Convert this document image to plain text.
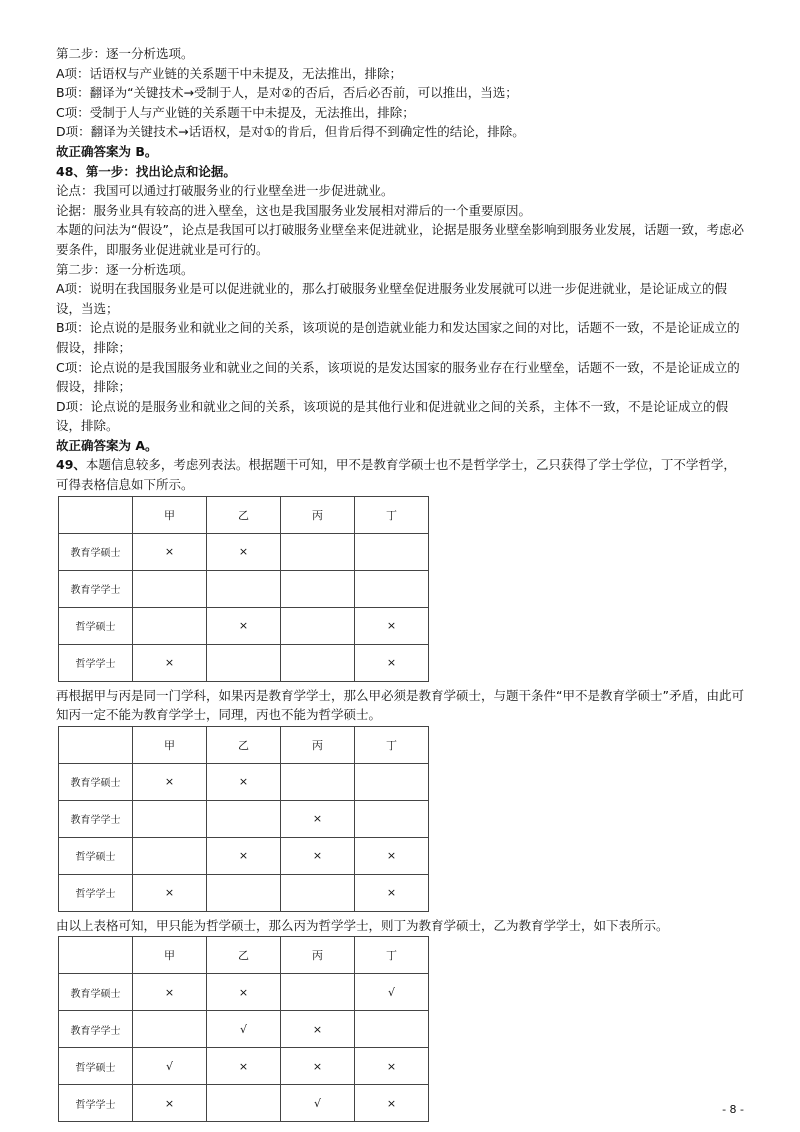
第二步：逐一分析选项。
A项：话语权与产业链的关系题干中未提及，无法推出，排除；
B项：翻译为“关键技术→受制于人，是对②的否后，否后必否前，可以推出，当选；
C项：受制于人与产业链的关系题干中未提及，无法推出，排除；
D项：翻译为关键技术→话语权，是对①的肯后，但肯后得不到确定性的结论，排除。
故正确答案为 B。
48、第一步：找出论点和论据。
论点：我国可以通过打破服务业的行业壁垒进一步促进就业。
论据：服务业具有较高的进入壁垒，这也是我国服务业发展相对滞后的一个重要原因。
本题的问法为“假设”，论点是我国可以打破服务业壁垒来促进就业，论据是服务业壁垒影响到服务业发展，话题一致，考虑必要条件，即服务业促进就业是可行的。
第二步：逐一分析选项。
A项：说明在我国服务业是可以促进就业的，那么打破服务业壁垒促进服务业发展就可以进一步促进就业，是论证成立的假设，当选；
B项：论点说的是服务业和就业之间的关系，该项说的是创造就业能力和发达国家之间的对比，话题不一致，不是论证成立的假设，排除；
C项：论点说的是我国服务业和就业之间的关系，该项说的是发达国家的服务业存在行业壁垒，话题不一致，不是论证成立的假设，排除；
D项：论点说的是服务业和就业之间的关系，该项说的是其他行业和促进就业之间的关系，主体不一致，不是论证成立的假设，排除。
故正确答案为 A。
49、本题信息较多，考虑列表法。根据题干可知，甲不是教育学硕士也不是哲学学士，乙只获得了学士学位，丁不学哲学，可得表格信息如下所示。
	甲	乙	丙	丁
教育学硕士	×	×		
教育学学士				
哲学硕士		×		×
哲学学士	×			×
再根据甲与丙是同一门学科，如果丙是教育学学士，那么甲必须是教育学硕士，与题干条件“甲不是教育学硕士”矛盾，由此可知丙一定不能为教育学学士，同理，丙也不能为哲学硕士。
	甲	乙	丙	丁
教育学硕士	×	×		
教育学学士			×	
哲学硕士		×	×	×
哲学学士	×			×
由以上表格可知，甲只能为哲学硕士，那么丙为哲学学士，则丁为教育学硕士，乙为教育学学士，如下表所示。
	甲	乙	丙	丁
教育学硕士	×	×		√
教育学学士		√	×	
哲学硕士	√	×	×	×
哲学学士	×		√	×	- 8 -
